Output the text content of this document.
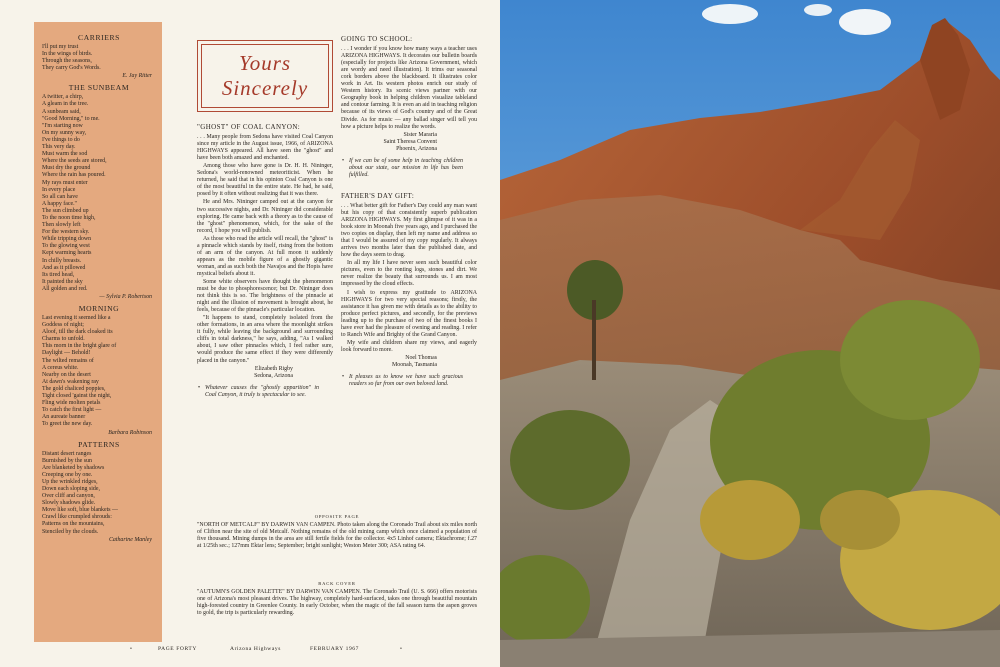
CARRIERS

I'll put my trust
In the wings of birds.
Through the seasons,
They carry God's Words.

E. Jay Ritter
THE SUNBEAM

A twitter, a chirp,
A gleam in the tree.
A sunbeam said,
"Good Morning," to me.
"I'm starting now
On my sunny way,
I've things to do
This very day.
Must warm the sod
Where the seeds are stored,
Must dry the ground
Where the rain has poured.
My rays must enter
In every place
So all can have
A happy face."
The sun climbed up
To the noon time high,
Then slowly left
For the western sky.
While tripping down
To the glowing west
Kept warming hearts
In chilly breasts.
And as it pillowed
Its tired head,
It painted the sky
All golden and red.

— Sylvia P. Robertson
MORNING

Last evening it seemed like a
Goddess of night;
Aloof, till the dark cloaked its
Charms to unfold.
This morn in the bright glare of
Daylight — Behold!
The wilted remains of
A cereus white.
Nearby on the desert
At dawn's wakening ray
The gold chaliced poppies,
Tight closed 'gainst the night,
Fling wide molten petals
To catch the first light —
An aureate banner
To greet the new day.

Barbara Robinson
PATTERNS

Distant desert ranges
Burnished by the sun
Are blanketed by shadows
Creeping one by one.
Up the wrinkled ridges,
Down each sloping side,
Over cliff and canyon,
Slowly shadows glide.
Move like soft, blue blankets —
Crawl like crumpled shrouds:
Patterns on the mountains,
Stenciled by the clouds.

Catharine Manley
Yours
Sincerely
"GHOST" OF COAL CANYON:

. . . Many people from Sedona have visited Coal Canyon since my article in the August issue, 1966, of ARIZONA HIGHWAYS appeared. All have seen the "ghost" and have been both amazed and enchanted.

Among those who have gone is Dr. H. H. Nininger, Sedona's world-renowned meteoriticist. When he returned, he said that in his opinion Coal Canyon is one of the most beautiful in the entire state. He had, he said, posed by it often without realizing that it was there.

He and Mrs. Nininger camped out at the canyon for two successive nights, and Dr. Nininger did considerable exploring. He came back with a theory as to the cause of the "ghost" phenomenon, which, for the sake of the record, I hope you will publish.

As those who read the article will recall, the "ghost" is a pinnacle which stands by itself, rising from the bottom of an arm of the canyon. At full moon it suddenly appears as the mobile figure of a ghostly gigantic woman, and as such both the Navajos and the Hopis have mystical beliefs about it.

Some white observers have thought the phenomenon must be due to phosphorescence; but Dr. Nininger does not think this is so. The brightness of the pinnacle at night and the illusion of movement is brought about, he feels, because of the pinnacle's particular location.

"It happens to stand, completely isolated from the other formations, in an area where the moonlight strikes it fully, while leaving the background and surrounding cliffs in total darkness," he says, adding, "As I walked about, I saw other pinnacles which, I feel rather sure, would produce the same effect if they were differently placed in the canyon."

Elizabeth Rigby

Sedona, Arizona

• Whatever causes the "ghostly apparition" in Coal Canyon, it truly is spectacular to see.

GOING TO SCHOOL:

. . . I wonder if you know how many ways a teacher uses ARIZONA HIGHWAYS. It decorates our bulletin boards (especially for projects like Arizona Government, which are wordy and need illustration). It trims our seasonal cork borders above the blackboard. It illustrates color work in Art. Its western photos enrich our study of Western history. Its scenic views partner with our Geography book in helping children visualize tableland and contour farming. It is even an aid in teaching religion because of its views of God's country and of the Great Divide. As for music — any ballad singer will tell you how a picture helps to realize the words.

Sister Mararia

Saint Theresa Convent

Phoenix, Arizona

• If we can be of some help in teaching children about our state, our mission in life has been fulfilled.

FATHER'S DAY GIFT:

. . . What better gift for Father's Day could any man want but his copy of that consistently superb publication ARIZONA HIGHWAYS. My first glimpse of it was in a book store in Moonah five years ago, and I purchased the two copies on display, then left my name and address so that I would be assured of my copy regularly. It always arrives two months later than the published date, and how the days seem to drag.

In all my life I have never seen such beautiful color pictures, even to the ronting logs, stones and dirt. We never realize the beauty that surrounds us. I am most impressed by the cloud effects.

I wish to express my gratitude to ARIZONA HIGHWAYS for two very special reasons; firstly, the assistance it has given me with details as to the ability to produce perfect pictures, and secondly, for the previews leading up to the purchase of two of the finest books I have ever had the pleasure of owning and reading. I refer to Ranch Wife and Brighty of the Grand Canyon.

My wife and children share my views, and eagerly look forward to more.

Noel Thomas

Moonah, Tasmania

• It pleases us to know we have such gracious readers so far from our own beloved land.

OPPOSITE PAGE
"NORTH OF METCALF" BY DARWIN VAN CAMPEN. Photo taken along the Coronado Trail about six miles north of Clifton near the site of old Metcalf. Nothing remains of the old mining camp which once claimed a population of five thousand. Mining dumps in the area are still fertile fields for the collector. 4x5 Linhof camera; Ektachrome; f.27 at 1/25th sec.; 127mm Ektar lens; September; bright sunlight; Weston Meter 300; ASA rating 64.
BACK COVER
"AUTUMN'S GOLDEN PALETTE" BY DARWIN VAN CAMPEN. The Coronado Trail (U. S. 666) offers motorists one of Arizona's most pleasant drives. The highway, completely hard-surfaced, takes one through beautiful mountain high-forested country in Greenlee County. In early October, when the magic of the fall season turns the aspen groves to gold, the trip is particularly rewarding.
•	PAGE FORTY	Arizona Highways	FEBRUARY 1967	•
